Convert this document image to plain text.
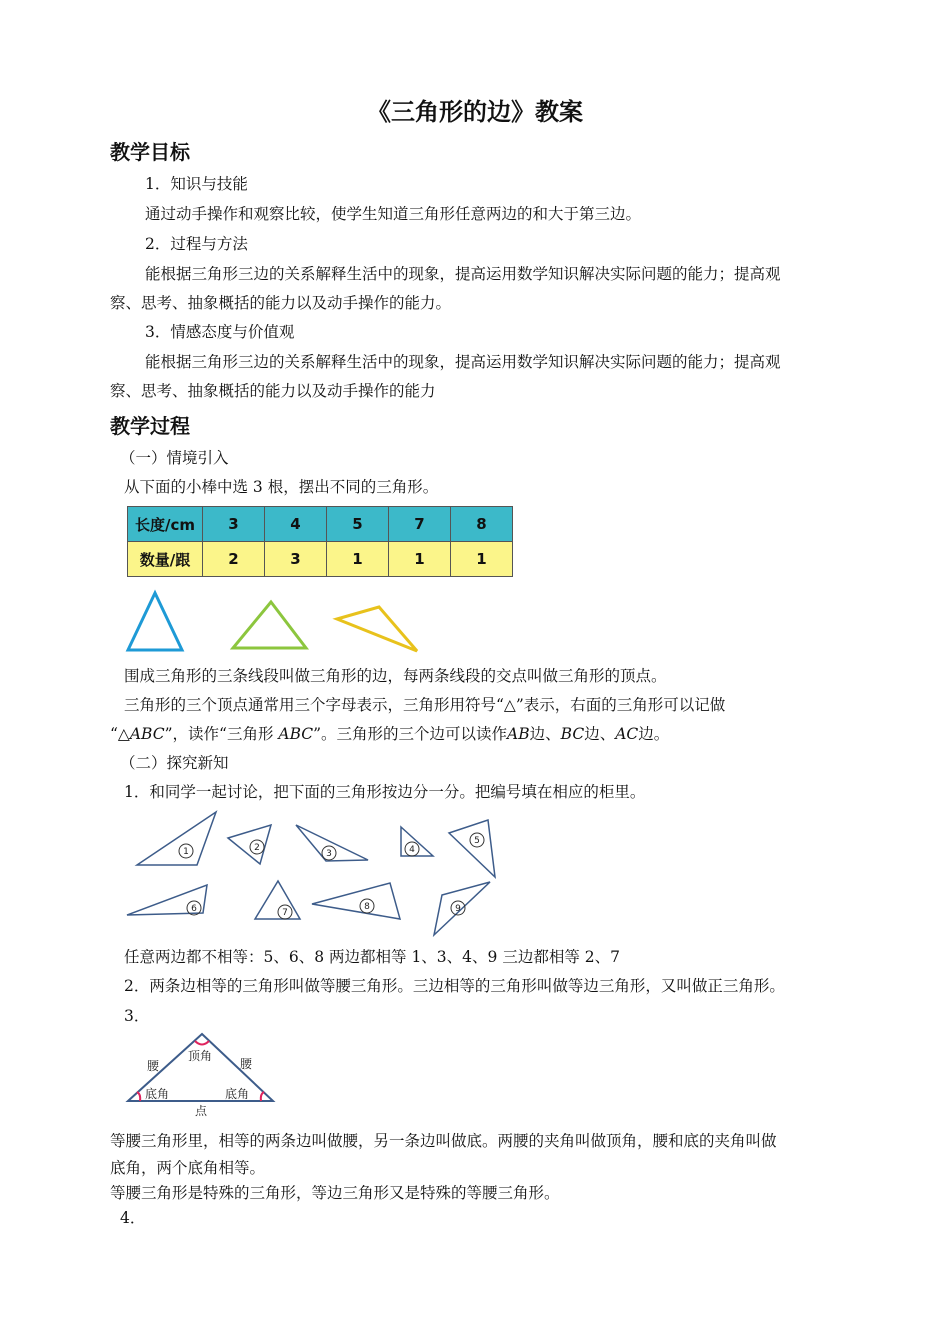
《三角形的边》教案
教学目标
1．知识与技能
通过动手操作和观察比较，使学生知道三角形任意两边的和大于第三边。
2．过程与方法
能根据三角形三边的关系解释生活中的现象，提高运用数学知识解决实际问题的能力；提高观
察、思考、抽象概括的能力以及动手操作的能力。
3．情感态度与价值观
能根据三角形三边的关系解释生活中的现象，提高运用数学知识解决实际问题的能力；提高观
察、思考、抽象概括的能力以及动手操作的能力
教学过程
（一）情境引入
从下面的小棒中选 3 根，摆出不同的三角形。
长度/cm	3	4	5	7	8
数量/跟	2	3	1	1	1
围成三角形的三条线段叫做三角形的边，每两条线段的交点叫做三角形的顶点。
三角形的三个顶点通常用三个字母表示，三角形用符号“△”表示，右面的三角形可以记做
“△ABC”，读作“三角形 ABC”。三角形的三个边可以读作AB边、BC边、AC边。
（二）探究新知
1．和同学一起讨论，把下面的三角形按边分一分。把编号填在相应的柜里。
1	2
3	4
5
6	7
8	9
任意两边都不相等：5、6、8 两边都相等 1、3、4、9 三边都相等 2、7
2．两条边相等的三角形叫做等腰三角形。三边相等的三角形叫做等边三角形，又叫做正三角形。
3．
腰
顶角
腰
底角	底角
点
等腰三角形里，相等的两条边叫做腰，另一条边叫做底。两腰的夹角叫做顶角，腰和底的夹角叫做
底角，两个底角相等。
等腰三角形是特殊的三角形，等边三角形又是特殊的等腰三角形。
4．
